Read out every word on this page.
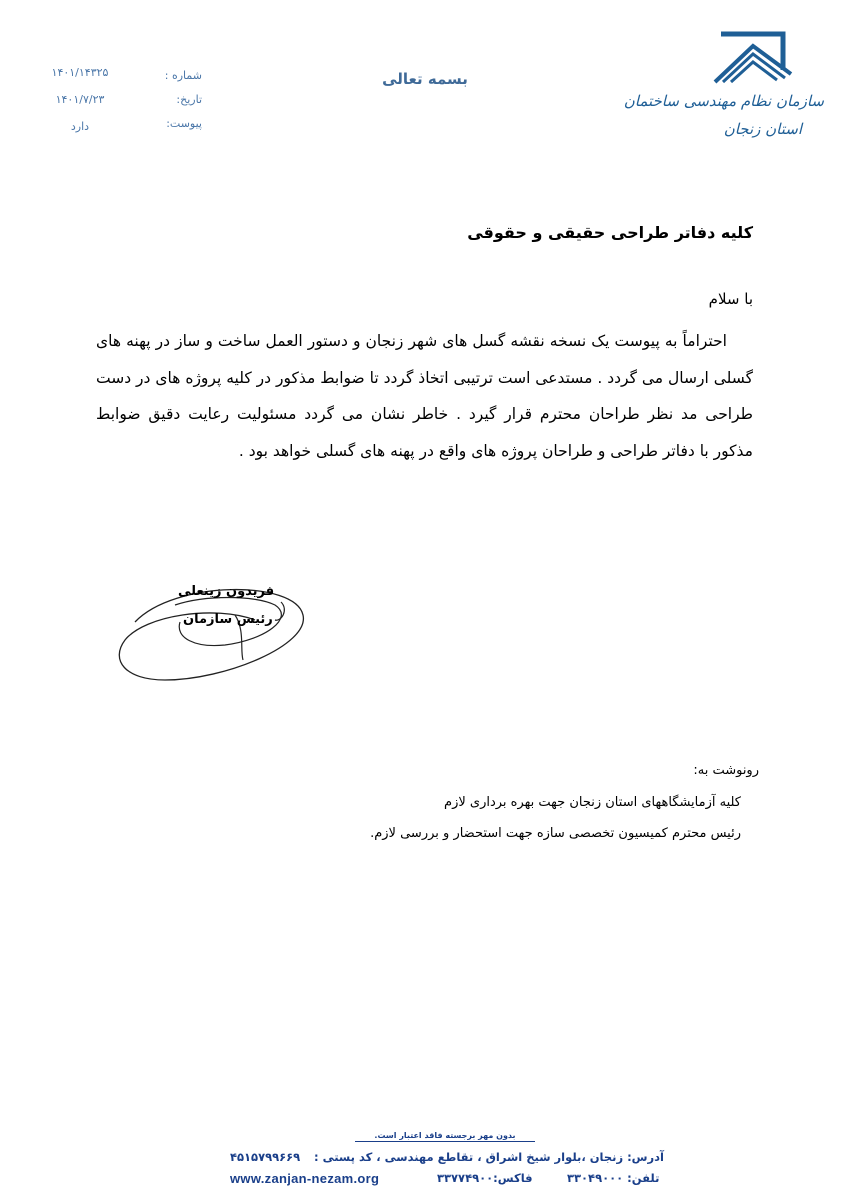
سازمان نظام مهندسی ساختمان
استان زنجان
بسمه تعالی
شماره :
۱۴۰۱/۱۴۳۲۵
تاریخ:
۱۴۰۱/۷/۲۳
پیوست:
دارد
کلیه دفاتر طراحی حقیقی و حقوقی
با سلام
احتراماً به پیوست یک نسخه نقشه گسل های شهر زنجان و دستور العمل ساخت و ساز در پهنه های گسلی ارسال می گردد . مستدعی است ترتیبی اتخاذ گردد تا ضوابط مذکور در کلیه پروژه های در دست طراحی مد نظر طراحان محترم قرار گیرد . خاطر نشان می گردد مسئولیت رعایت دقیق ضوابط مذکور با دفاتر طراحی و طراحان پروژه های واقع در پهنه های گسلی خواهد بود .
فریدون زینعلی
رئیس سازمان
رونوشت به:
کلیه آزمایشگاههای استان زنجان جهت بهره برداری لازم
رئیس محترم کمیسیون تخصصی سازه جهت استحضار و بررسی لازم.
بدون مهر برجسته فاقد اعتبار است.
آدرس: زنجان ،بلوار شیخ اشراق ، تقاطع مهندسی ، کد پستی :
۴۵۱۵۷۹۹۶۶۹
www.zanjan-nezam.org	فاکس:۳۳۷۷۴۹۰۰	تلفن: ۳۳۰۴۹۰۰۰
